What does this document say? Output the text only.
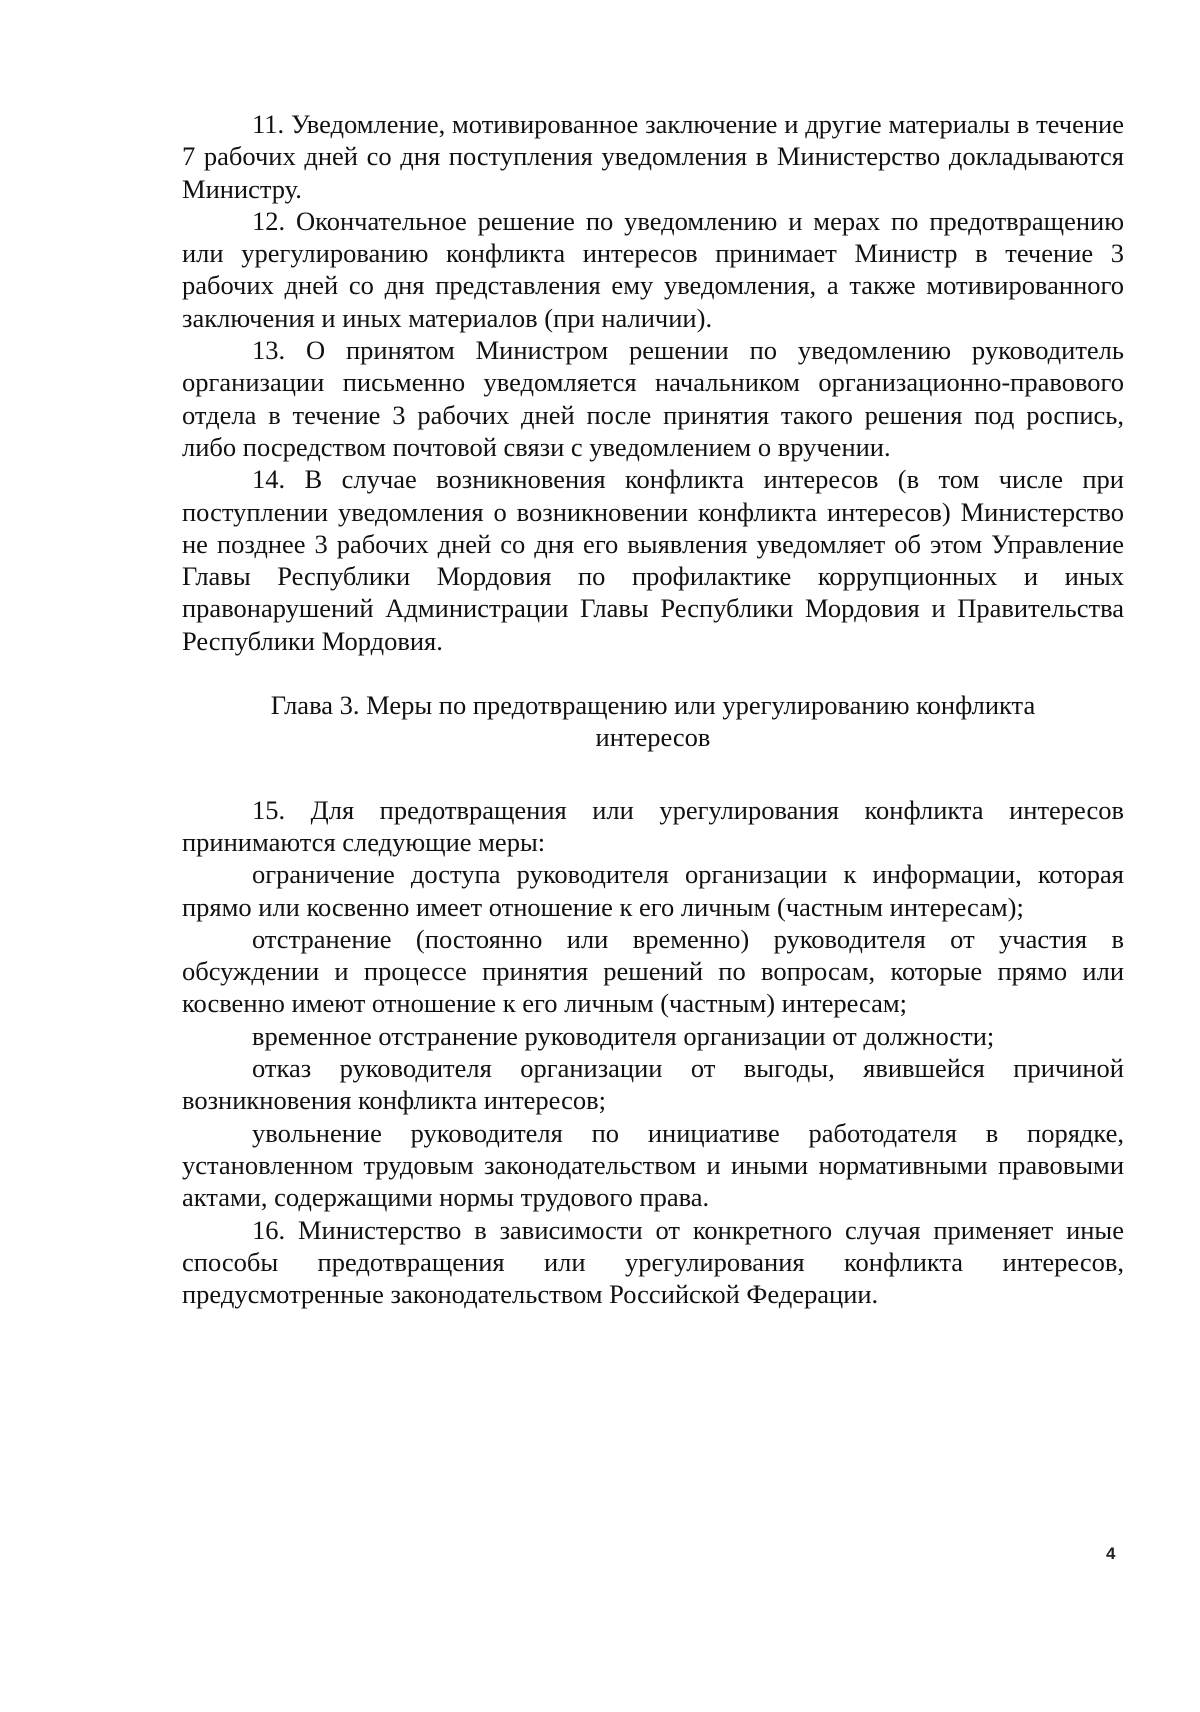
11. Уведомление, мотивированное заключение и другие материалы в течение 7 рабочих дней со дня поступления уведомления в Министерство докладываются Министру.

12. Окончательное решение по уведомлению и мерах по предотвращению или урегулированию конфликта интересов принимает Министр в течение 3 рабочих дней со дня представления ему уведомления, а также мотивированного заключения и иных материалов (при наличии).

13. О принятом Министром решении по уведомлению руководитель организации письменно уведомляется начальником организационно-правового отдела в течение 3 рабочих дней после принятия такого решения под роспись, либо посредством почтовой связи с уведомлением о вручении.

14. В случае возникновения конфликта интересов (в том числе при поступлении уведомления о возникновении конфликта интересов) Министерство не позднее 3 рабочих дней со дня его выявления уведомляет об этом Управление Главы Республики Мордовия по профилактике коррупционных и иных правонарушений Администрации Главы Республики Мордовия и Правительства Республики Мордовия.

Глава 3. Меры по предотвращению или урегулированию конфликта интересов

15. Для предотвращения или урегулирования конфликта интересов принимаются следующие меры:

ограничение доступа руководителя организации к информации, которая прямо или косвенно имеет отношение к его личным (частным интересам);

отстранение (постоянно или временно) руководителя от участия в обсуждении и процессе принятия решений по вопросам, которые прямо или косвенно имеют отношение к его личным (частным) интересам;

временное отстранение руководителя организации от должности;

отказ руководителя организации от выгоды, явившейся причиной возникновения конфликта интересов;

увольнение руководителя по инициативе работодателя в порядке, установленном трудовым законодательством и иными нормативными правовыми актами, содержащими нормы трудового права.

16. Министерство в зависимости от конкретного случая применяет иные способы предотвращения или урегулирования конфликта интересов, предусмотренные законодательством Российской Федерации.

4
